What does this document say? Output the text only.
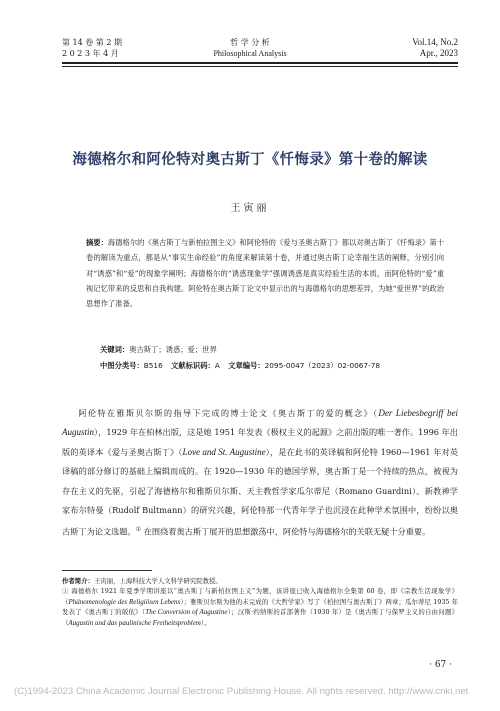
第 14 卷 第 2 期
2 0 2 3 年 4 月
哲 学 分 析
Philosophical Analysis
Vol.14, No.2
Apr., 2023
海德格尔和阿伦特对奥古斯丁《忏悔录》第十卷的解读
王寅丽
摘要：海德格尔的《奥古斯丁与新柏拉图主义》和阿伦特的《爱与圣奥古斯丁》都以对奥古斯丁《忏悔录》第十卷的解读为重点，都是从“事实生命经验”的角度来解读第十卷，并通过奥古斯丁论幸福生活的阐释，分别引向对“诱惑”和“爱”的现象学阐明；海德格尔的“诱惑现象学”强调诱惑是真实经验生活的本质，而阿伦特的“爱”重视记忆带来的反思和自我构建。阿伦特在奥古斯丁论文中显示出的与海德格尔的思想差异，为她“爱世界”的政治思想作了准备。
关键词：奥古斯丁；诱惑；爱；世界
中图分类号：B516 文献标识码：A 文章编号：2095-0047（2023）02-0067-78

阿伦特在雅斯贝尔斯的指导下完成的博士论文《奥古斯丁的爱的概念》（Der Liebesbegriff bei Augustin），1929 年在柏林出版，这是她 1951 年发表《极权主义的起源》之前出版的唯一著作。1996 年出版的英译本《爱与圣奥古斯丁》（Love and St. Augustine），是在此书的英译稿和阿伦特 1960—1961 年对英译稿的部分修订的基础上编辑而成的。在 1920—1930 年的德国学界，奥古斯丁是一个持续的热点，被视为存在主义的先驱，引起了海德格尔和雅斯贝尔斯、天主教哲学家瓜尔蒂尼（Romano Guardini）、新教神学家布尔特曼（Rudolf Bultmann）的研究兴趣，阿伦特那一代青年学子也沉浸在此种学术氛围中，纷纷以奥古斯丁为论文选题。① 在围绕着奥古斯丁展开的思想激荡中，阿伦特与海德格尔的关联无疑十分重要。

作者简介：王寅丽，上海科技大学人文科学研究院教授。

① 海德格尔 1921 年夏季学期讲座以“奥古斯丁与新柏拉图主义”为题，该讲座已收入海德格尔全集第 60 卷，即《宗教生活现象学》（Phänomenologie des Religiösen Lebens）；雅斯贝尔斯为他的未完成的《大哲学家》写了《柏拉图与奥古斯丁》两章；瓜尔蒂尼 1935 年发表了《奥古斯丁的皈依》（The Conversion of Augustine）；汉斯·约纳斯的首部著作（1930 年）是《奥古斯丁与保罗主义的自由问题》（Augustin und das paulinische Freiheitsproblem）。

· 67 ·
(C)1994-2023 China Academic Journal Electronic Publishing House. All rights reserved. http://www.cnki.net
